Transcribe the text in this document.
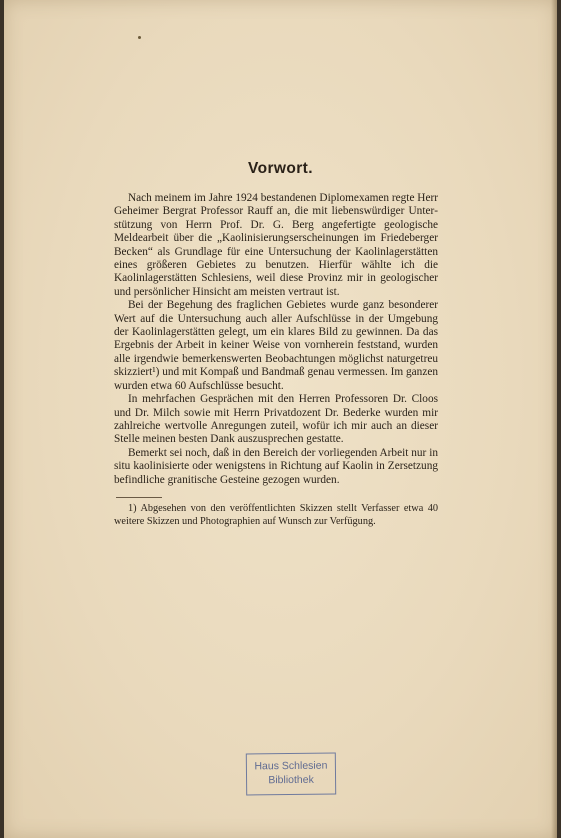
Vorwort.

Nach meinem im Jahre 1924 bestandenen Diplomexamen regte Herr Geheimer Bergrat Professor Rauff an, die mit liebenswürdiger Unterstützung von Herrn Prof. Dr. G. Berg angefertigte geologische Meldearbeit über die „Kaolinisierungserscheinungen im Friedeberger Becken“ als Grundlage für eine Untersuchung der Kaolinlagerstätten eines größeren Gebietes zu benutzen. Hierfür wählte ich die Kaolinlagerstätten Schlesiens, weil diese Provinz mir in geologischer und persönlicher Hinsicht am meisten vertraut ist.

Bei der Begehung des fraglichen Gebietes wurde ganz besonderer Wert auf die Untersuchung auch aller Aufschlüsse in der Umgebung der Kaolinlagerstätten gelegt, um ein klares Bild zu gewinnen. Da das Ergebnis der Arbeit in keiner Weise von vornherein feststand, wurden alle irgendwie bemerkenswerten Beobachtungen möglichst naturgetreu skizziert¹) und mit Kompaß und Bandmaß genau vermessen. Im ganzen wurden etwa 60 Aufschlüsse besucht.

In mehrfachen Gesprächen mit den Herren Professoren Dr. Cloos und Dr. Milch sowie mit Herrn Privatdozent Dr. Bederke wurden mir zahlreiche wertvolle Anregungen zuteil, wofür ich mir auch an dieser Stelle meinen besten Dank auszusprechen gestatte.

Bemerkt sei noch, daß in den Bereich der vorliegenden Arbeit nur in situ kaolinisierte oder wenigstens in Richtung auf Kaolin in Zersetzung befindliche granitische Gesteine gezogen wurden.

1) Abgesehen von den veröffentlichten Skizzen stellt Verfasser etwa 40 weitere Skizzen und Photographien auf Wunsch zur Verfügung.

Haus Schlesien
Bibliothek
